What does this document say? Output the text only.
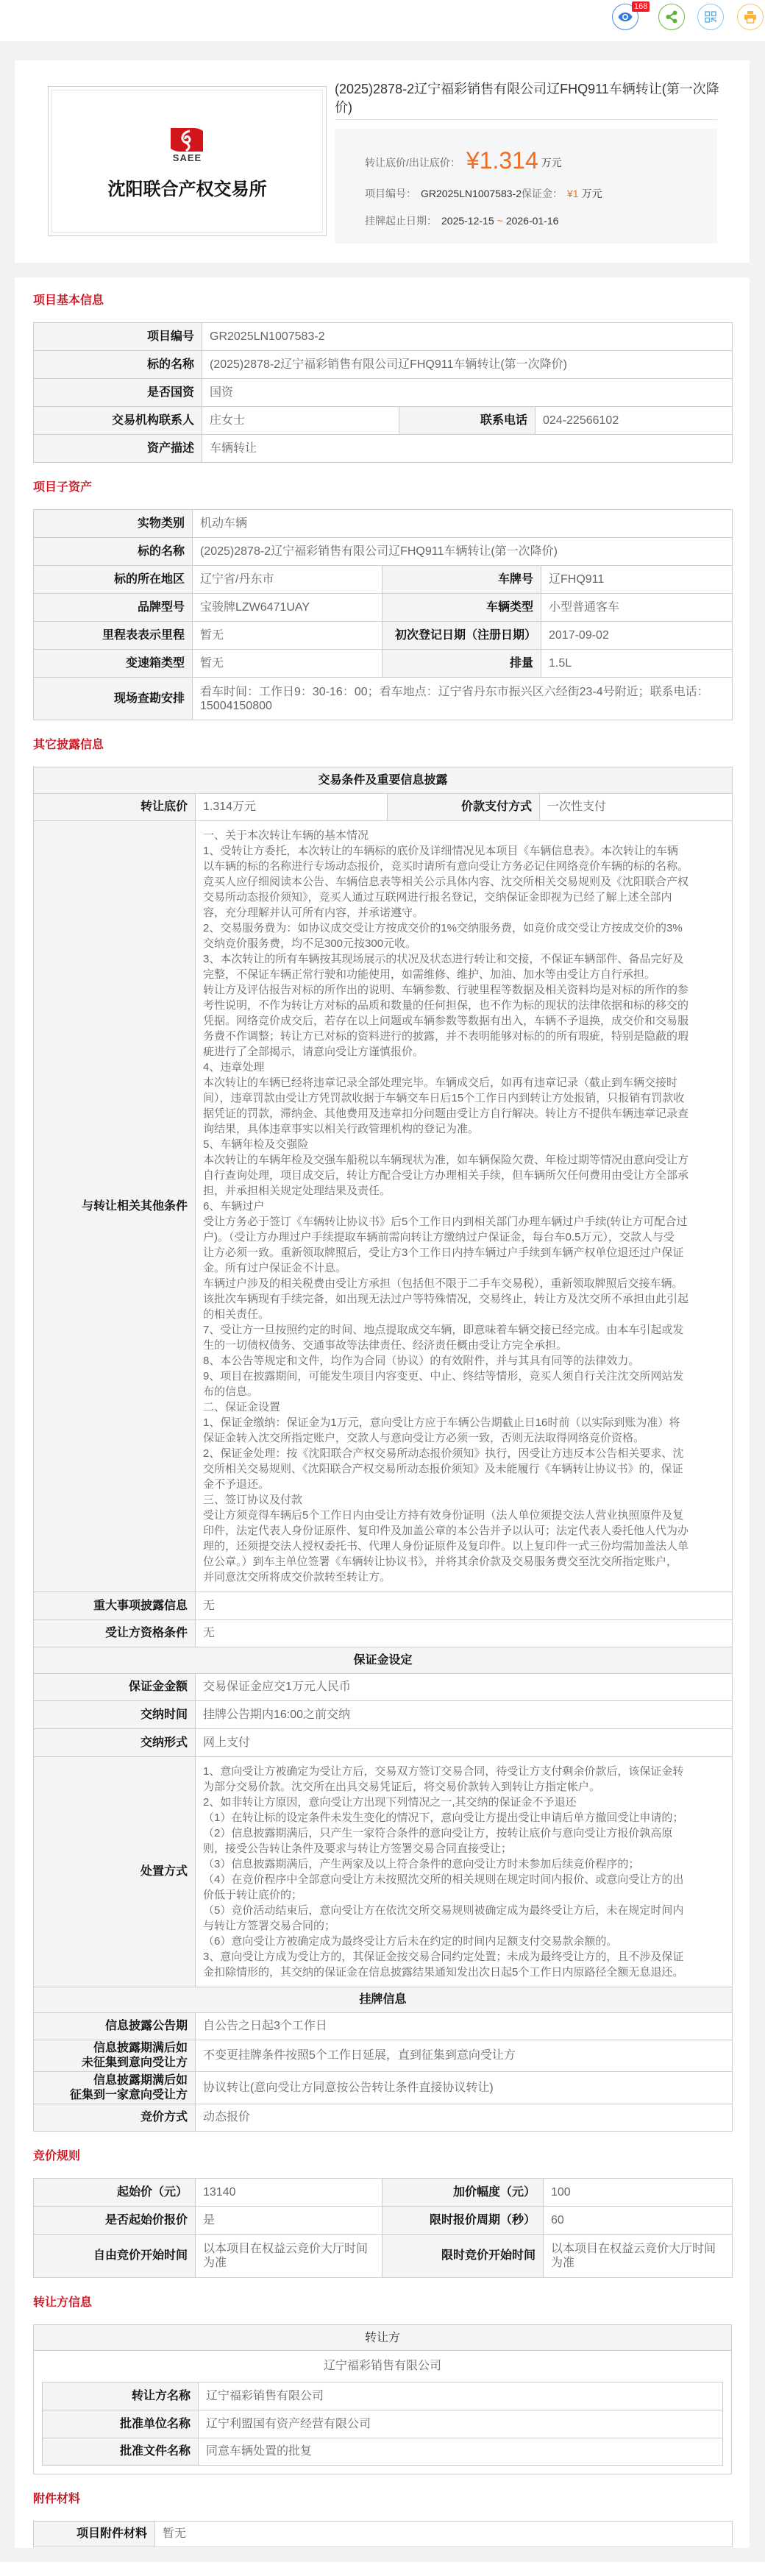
168
SAEE
沈阳联合产权交易所
(2025)2878-2辽宁福彩销售有限公司辽FHQ911车辆转让(第一次降价)
转让底价/出让底价： ¥1.314 万元
项目编号： GR2025LN1007583-2保证金： ¥1 万元
挂牌起止日期： 2025-12-15 ~ 2026-01-16
项目基本信息
项目编号	GR2025LN1007583-2		
标的名称	(2025)2878-2辽宁福彩销售有限公司辽FHQ911车辆转让(第一次降价)		
是否国资	国资		
交易机构联系人	庄女士	联系电话	024-22566102
资产描述	车辆转让		
项目子资产
实物类别	机动车辆		
标的名称	(2025)2878-2辽宁福彩销售有限公司辽FHQ911车辆转让(第一次降价)		
标的所在地区	辽宁省/丹东市	车牌号	辽FHQ911
品牌型号	宝骏牌LZW6471UAY	车辆类型	小型普通客车
里程表表示里程	暂无	初次登记日期（注册日期）	2017-09-02
变速箱类型	暂无	排量	1.5L
现场查勘安排	看车时间：工作日9：30-16：00；看车地点：辽宁省丹东市振兴区六经街23-4号附近；联系电话：
15004150800		
其它披露信息
交易条件及重要信息披露			
转让底价	1.314万元	价款支付方式	一次性支付
与转让相关其他条件	
一、关于本次转让车辆的基本情况
1、受转让方委托，本次转让的车辆标的底价及详细情况见本项目《车辆信息表》。本次转让的车辆
以车辆的标的名称进行专场动态报价，竞买时请所有意向受让方务必记住网络竞价车辆的标的名称。
竞买人应仔细阅读本公告、车辆信息表等相关公示具体内容、沈交所相关交易规则及《沈阳联合产权
交易所动态报价须知》，竞买人通过互联网进行报名登记，交纳保证金即视为已经了解上述全部内
容，充分理解并认可所有内容，并承诺遵守。
2、交易服务费为：如协议成交受让方按成交价的1%交纳服务费，如竞价成交受让方按成交价的3%
交纳竞价服务费，均不足300元按300元收。
3、本次转让的所有车辆按其现场展示的状况及状态进行转让和交接，不保证车辆部件、备品完好及
完整，不保证车辆正常行驶和功能使用，如需维修、维护、加油、加水等由受让方自行承担。
转让方及评估报告对标的所作出的说明、车辆参数、行驶里程等数据及相关资料均是对标的所作的参
考性说明，不作为转让方对标的品质和数量的任何担保，也不作为标的现状的法律依据和标的移交的
凭据。网络竞价成交后，若存在以上问题或车辆参数等数据有出入，车辆不予退换，成交价和交易服
务费不作调整；转让方已对标的资料进行的披露，并不表明能够对标的的所有瑕疵，特别是隐蔽的瑕
疵进行了全部揭示，请意向受让方谨慎报价。
4、违章处理
本次转让的车辆已经将违章记录全部处理完毕。车辆成交后，如再有违章记录（截止到车辆交接时
间），违章罚款由受让方凭罚款收据于车辆交车日后15个工作日内到转让方处报销，只报销有罚款收
据凭证的罚款，滞纳金、其他费用及违章扣分问题由受让方自行解决。转让方不提供车辆违章记录查
询结果，具体违章事实以相关行政管理机构的登记为准。
5、车辆年检及交强险
本次转让的车辆年检及交强车船税以车辆现状为准，如车辆保险欠费、年检过期等情况由意向受让方
自行查询处理，项目成交后，转让方配合受让方办理相关手续，但车辆所欠任何费用由受让方全部承
担，并承担相关规定处理结果及责任。
6、车辆过户
受让方务必于签订《车辆转让协议书》后5个工作日内到相关部门办理车辆过户手续(转让方可配合过
户)。（受让方办理过户手续提取车辆前需向转让方缴纳过户保证金，每台车0.5万元），交款人与受
让方必须一致。重新领取牌照后，受让方3个工作日内持车辆过户手续到车辆产权单位退还过户保证
金。所有过户保证金不计息。
车辆过户涉及的相关税费由受让方承担（包括但不限于二手车交易税），重新领取牌照后交接车辆。
该批次车辆现有手续完备，如出现无法过户等特殊情况，交易终止，转让方及沈交所不承担由此引起
的相关责任。
7、受让方一旦按照约定的时间、地点提取成交车辆，即意味着车辆交接已经完成。由本车引起或发
生的一切债权债务、交通事故等法律责任、经济责任概由受让方完全承担。
8、本公告等规定和文件，均作为合同（协议）的有效附件，并与其具有同等的法律效力。
9、项目在披露期间，可能发生项目内容变更、中止、终结等情形，竞买人须自行关注沈交所网站发
布的信息。
二、保证金设置
1、保证金缴纳：保证金为1万元，意向受让方应于车辆公告期截止日16时前（以实际到账为准）将
保证金转入沈交所指定账户，交款人与意向受让方必须一致，否则无法取得网络竞价资格。
2、保证金处理：按《沈阳联合产权交易所动态报价须知》执行，因受让方违反本公告相关要求、沈
交所相关交易规则、《沈阳联合产权交易所动态报价须知》及未能履行《车辆转让协议书》的，保证
金不予退还。
三、签订协议及付款
受让方须竞得车辆后5个工作日内由受让方持有效身份证明（法人单位须提交法人营业执照原件及复
印件，法定代表人身份证原件、复印件及加盖公章的本公告并予以认可；法定代表人委托他人代为办
理的，还须提交法人授权委托书、代理人身份证原件及复印件。以上复印件一式三份均需加盖法人单
位公章。）到车主单位签署《车辆转让协议书》，并将其余价款及交易服务费交至沈交所指定账户，
并同意沈交所将成交价款转至转让方。

重大事项披露信息	无		
受让方资格条件	无		
保证金设定			
保证金金额	交易保证金应交1万元人民币		
交纳时间	挂牌公告期内16:00之前交纳		
交纳形式	网上支付		
处置方式	
1、意向受让方被确定为受让方后，交易双方签订交易合同，待受让方支付剩余价款后，该保证金转
为部分交易价款。沈交所在出具交易凭证后，将交易价款转入到转让方指定帐户。
2、如非转让方原因，意向受让方出现下列情况之一,其交纳的保证金不予退还
（1）在转让标的设定条件未发生变化的情况下，意向受让方提出受让申请后单方撤回受让申请的；
（2）信息披露期满后，只产生一家符合条件的意向受让方，按转让底价与意向受让方报价孰高原
则，接受公告转让条件及要求与转让方签署交易合同直接受让；
（3）信息披露期满后，产生两家及以上符合条件的意向受让方时未参加后续竞价程序的；
（4）在竞价程序中全部意向受让方未按照沈交所的相关规则在规定时间内报价、或意向受让方的出
价低于转让底价的；
（5）竞价活动结束后，意向受让方在依沈交所交易规则被确定成为最终受让方后，未在规定时间内
与转让方签署交易合同的；
（6）意向受让方被确定成为最终受让方后未在约定的时间内足额支付交易款余额的。
3、意向受让方成为受让方的，其保证金按交易合同约定处置；未成为最终受让方的，且不涉及保证
金扣除情形的，其交纳的保证金在信息披露结果通知发出次日起5个工作日内原路径全额无息退还。

挂牌信息			
信息披露公告期	自公告之日起3个工作日		

信息披露期满后如
未征集到意向受让方	不变更挂牌条件按照5个工作日延展，直到征集到意向受让方		

信息披露期满后如
征集到一家意向受让方	协议转让(意向受让方同意按公告转让条件直接协议转让)		
竞价方式	动态报价		
竞价规则
起始价（元）	13140	加价幅度（元）	100
是否起始价报价	是	限时报价周期（秒）	60
自由竞价开始时间	以本项目在权益云竞价大厅时间为准	限时竞价开始时间	以本项目在权益云竞价大厅时间为准
转让方信息
转让方
辽宁福彩销售有限公司
转让方名称	辽宁福彩销售有限公司
批准单位名称	辽宁利盟国有资产经营有限公司
批准文件名称	同意车辆处置的批复
附件材料
项目附件材料	暂无
